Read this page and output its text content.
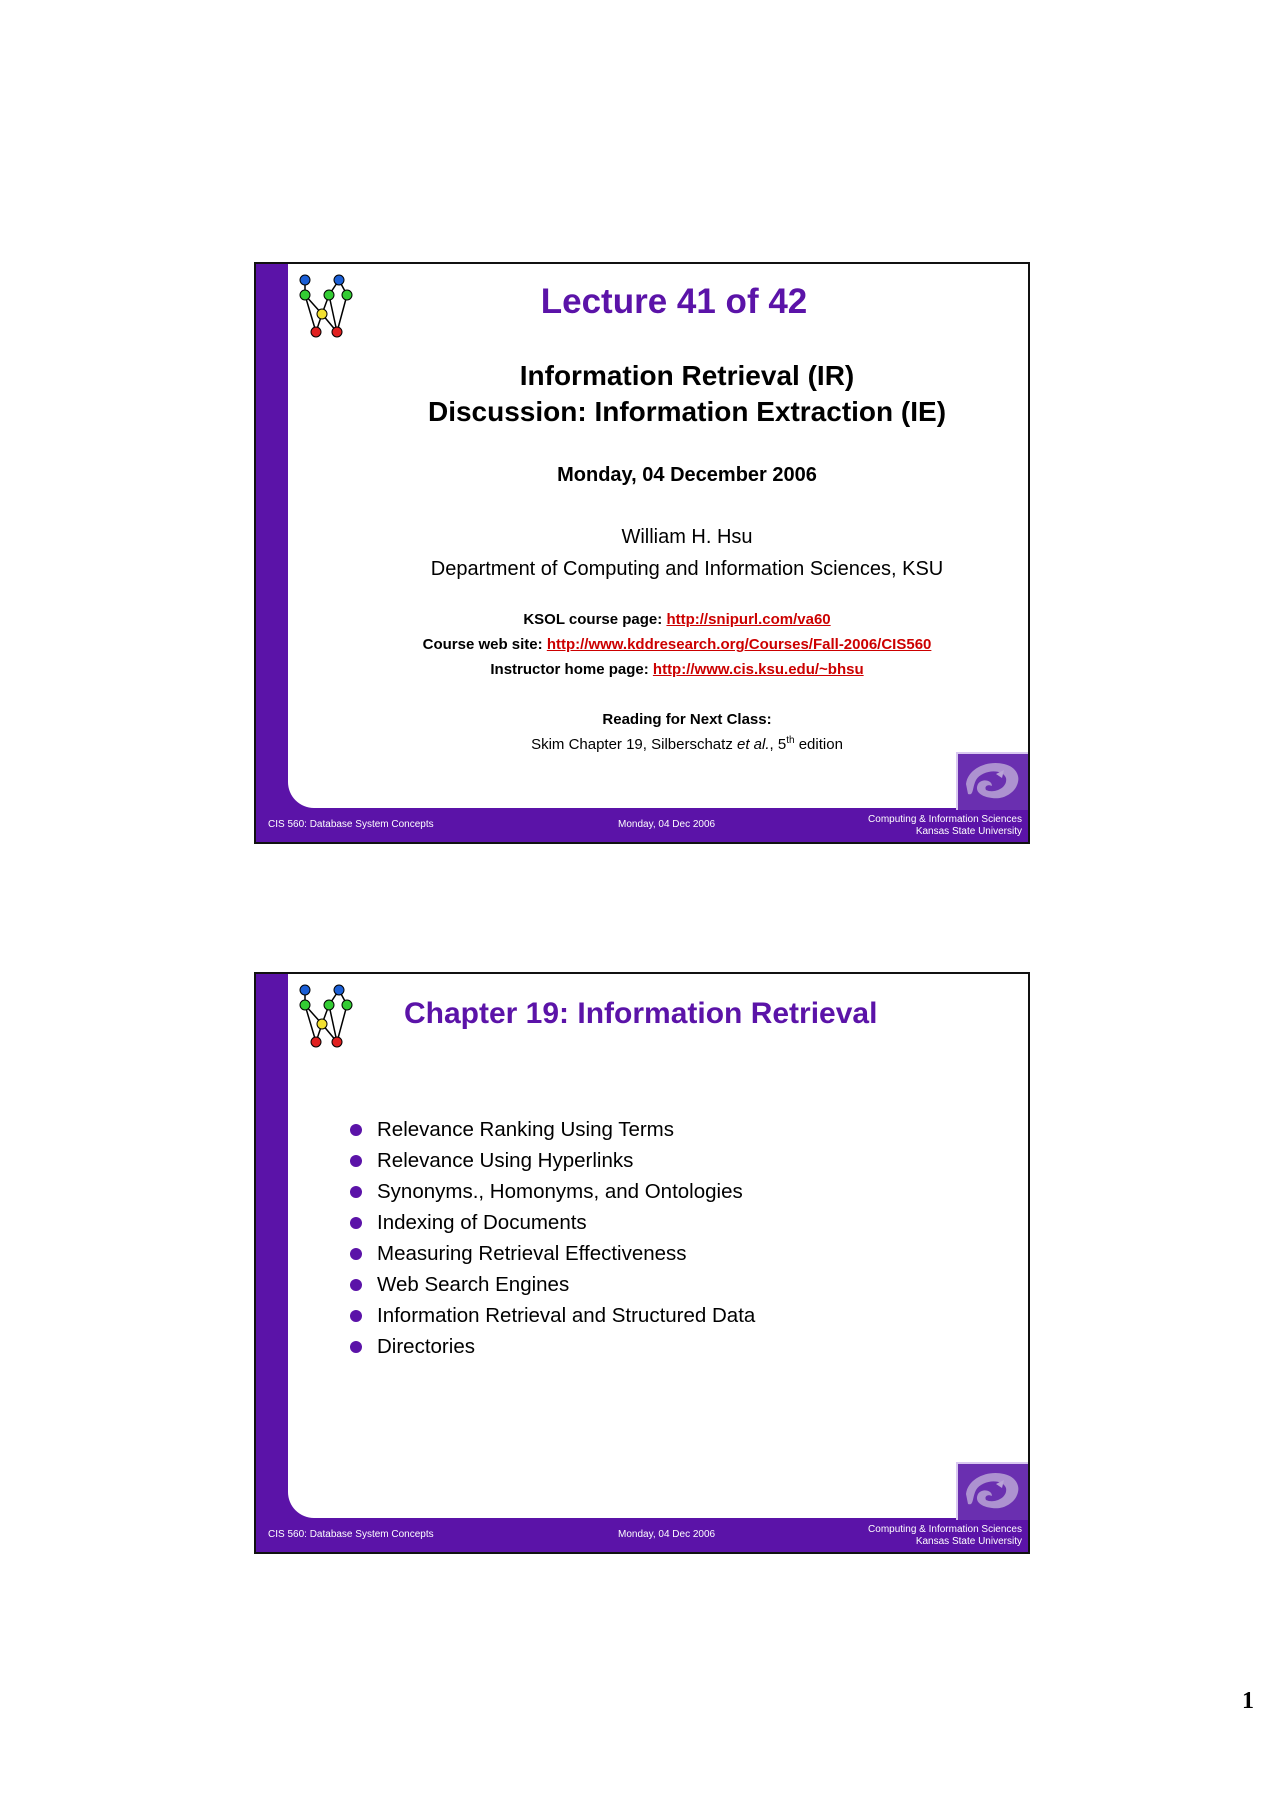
Lecture 41 of 42
Information Retrieval (IR)
Discussion: Information Extraction (IE)
Monday, 04 December 2006
William H. Hsu
Department of Computing and Information Sciences, KSU
KSOL course page: http://snipurl.com/va60
Course web site: http://www.kddresearch.org/Courses/Fall-2006/CIS560
Instructor home page: http://www.cis.ksu.edu/~bhsu
Reading for Next Class:
Skim Chapter 19, Silberschatz et al., 5th edition
CIS 560: Database System Concepts	Monday, 04 Dec 2006	Computing & Information Sciences
Kansas State University
Chapter 19: Information Retrieval
Relevance Ranking Using Terms
Relevance Using Hyperlinks
Synonyms., Homonyms, and Ontologies
Indexing of Documents
Measuring Retrieval Effectiveness
Web Search Engines
Information Retrieval and Structured Data
Directories
CIS 560: Database System Concepts	Monday, 04 Dec 2006	Computing & Information Sciences
Kansas State University
1
